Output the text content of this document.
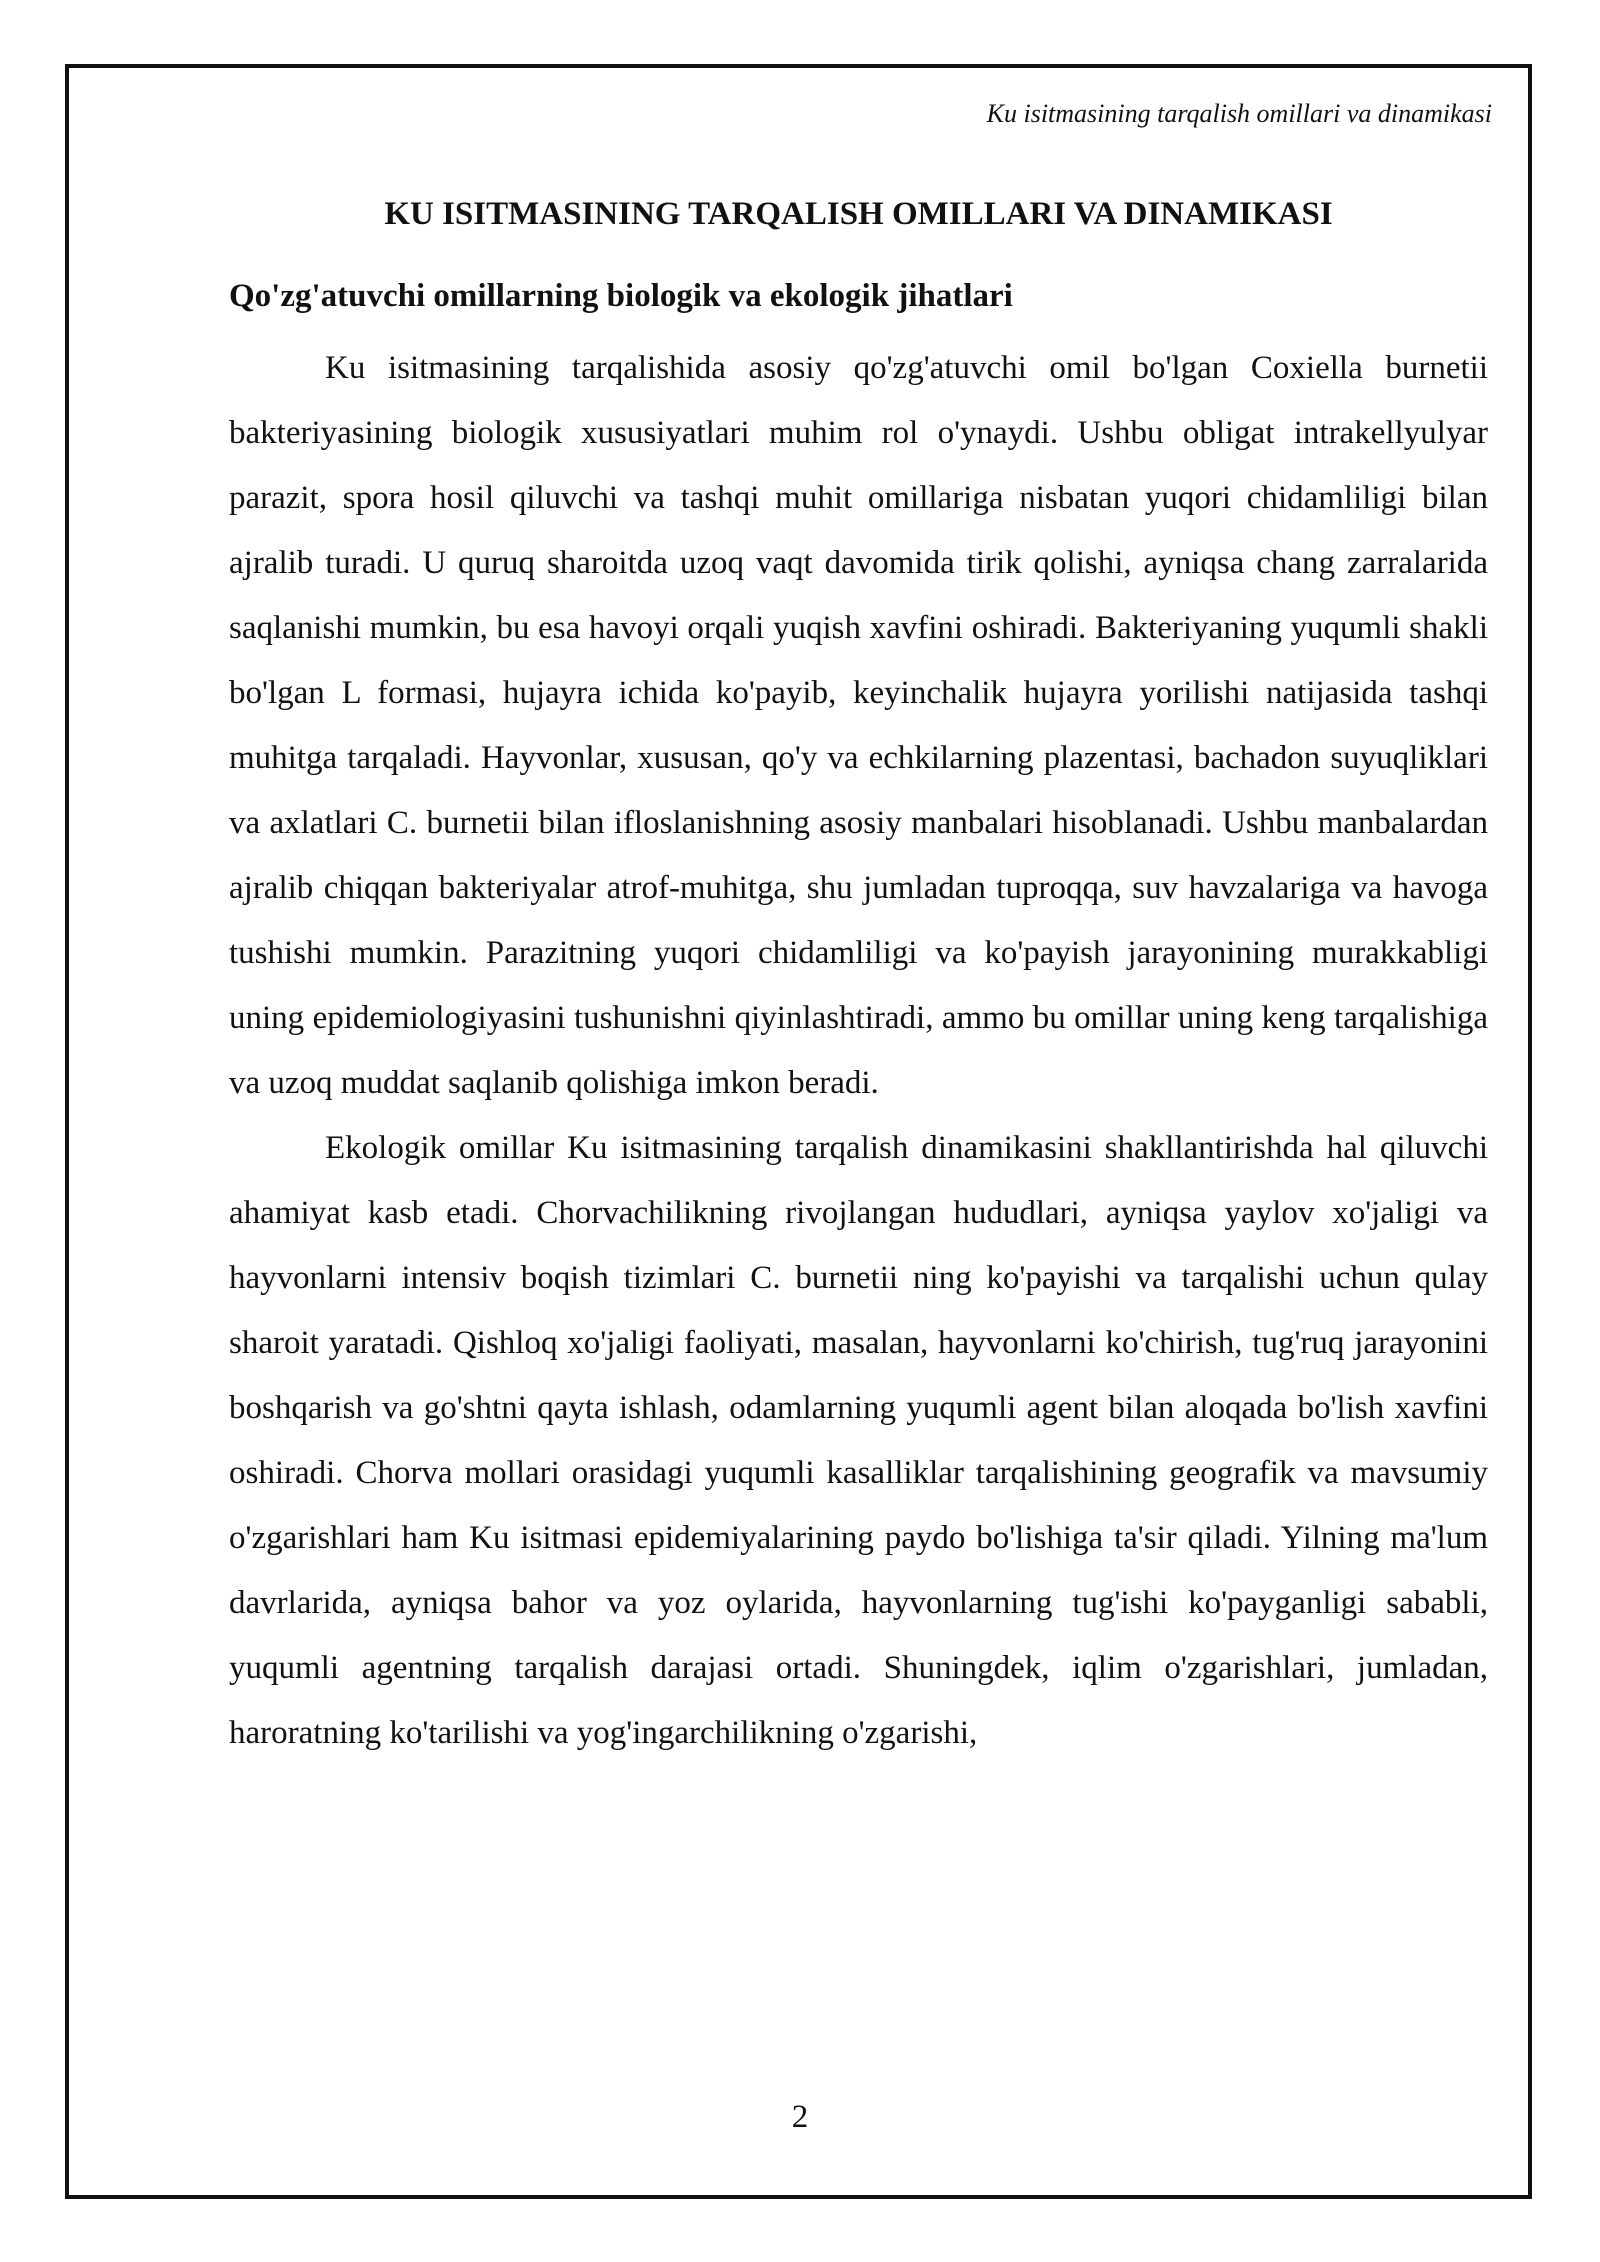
Ku isitmasining tarqalish omillari va dinamikasi
KU ISITMASINING TARQALISH OMILLARI VA DINAMIKASI
Qo'zg'atuvchi omillarning biologik va ekologik jihatlari

Ku isitmasining tarqalishida asosiy qo'zg'atuvchi omil bo'lgan Coxiella burnetii bakteriyasining biologik xususiyatlari muhim rol o'ynaydi. Ushbu obligat intrakellyulyar parazit, spora hosil qiluvchi va tashqi muhit omillariga nisbatan yuqori chidamliligi bilan ajralib turadi. U quruq sharoitda uzoq vaqt davomida tirik qolishi, ayniqsa chang zarralarida saqlanishi mumkin, bu esa havoyi orqali yuqish xavfini oshiradi. Bakteriyaning yuqumli shakli bo'lgan L formasi, hujayra ichida ko'payib, keyinchalik hujayra yorilishi natijasida tashqi muhitga tarqaladi. Hayvonlar, xususan, qo'y va echkilarning plazentasi, bachadon suyuqliklari va axlatlari C. burnetii bilan ifloslanishning asosiy manbalari hisoblanadi. Ushbu manbalardan ajralib chiqqan bakteriyalar atrof-muhitga, shu jumladan tuproqqa, suv havzalariga va havoga tushishi mumkin. Parazitning yuqori chidamliligi va ko'payish jarayonining murakkabligi uning epidemiologiyasini tushunishni qiyinlashtiradi, ammo bu omillar uning keng tarqalishiga va uzoq muddat saqlanib qolishiga imkon beradi.

Ekologik omillar Ku isitmasining tarqalish dinamikasini shakllantirishda hal qiluvchi ahamiyat kasb etadi. Chorvachilikning rivojlangan hududlari, ayniqsa yaylov xo'jaligi va hayvonlarni intensiv boqish tizimlari C. burnetii ning ko'payishi va tarqalishi uchun qulay sharoit yaratadi. Qishloq xo'jaligi faoliyati, masalan, hayvonlarni ko'chirish, tug'ruq jarayonini boshqarish va go'shtni qayta ishlash, odamlarning yuqumli agent bilan aloqada bo'lish xavfini oshiradi. Chorva mollari orasidagi yuqumli kasalliklar tarqalishining geografik va mavsumiy o'zgarishlari ham Ku isitmasi epidemiyalarining paydo bo'lishiga ta'sir qiladi. Yilning ma'lum davrlarida, ayniqsa bahor va yoz oylarida, hayvonlarning tug'ishi ko'payganligi sababli, yuqumli agentning tarqalish darajasi ortadi. Shuningdek, iqlim o'zgarishlari, jumladan, haroratning ko'tarilishi va yog'ingarchilikning o'zgarishi,

2
